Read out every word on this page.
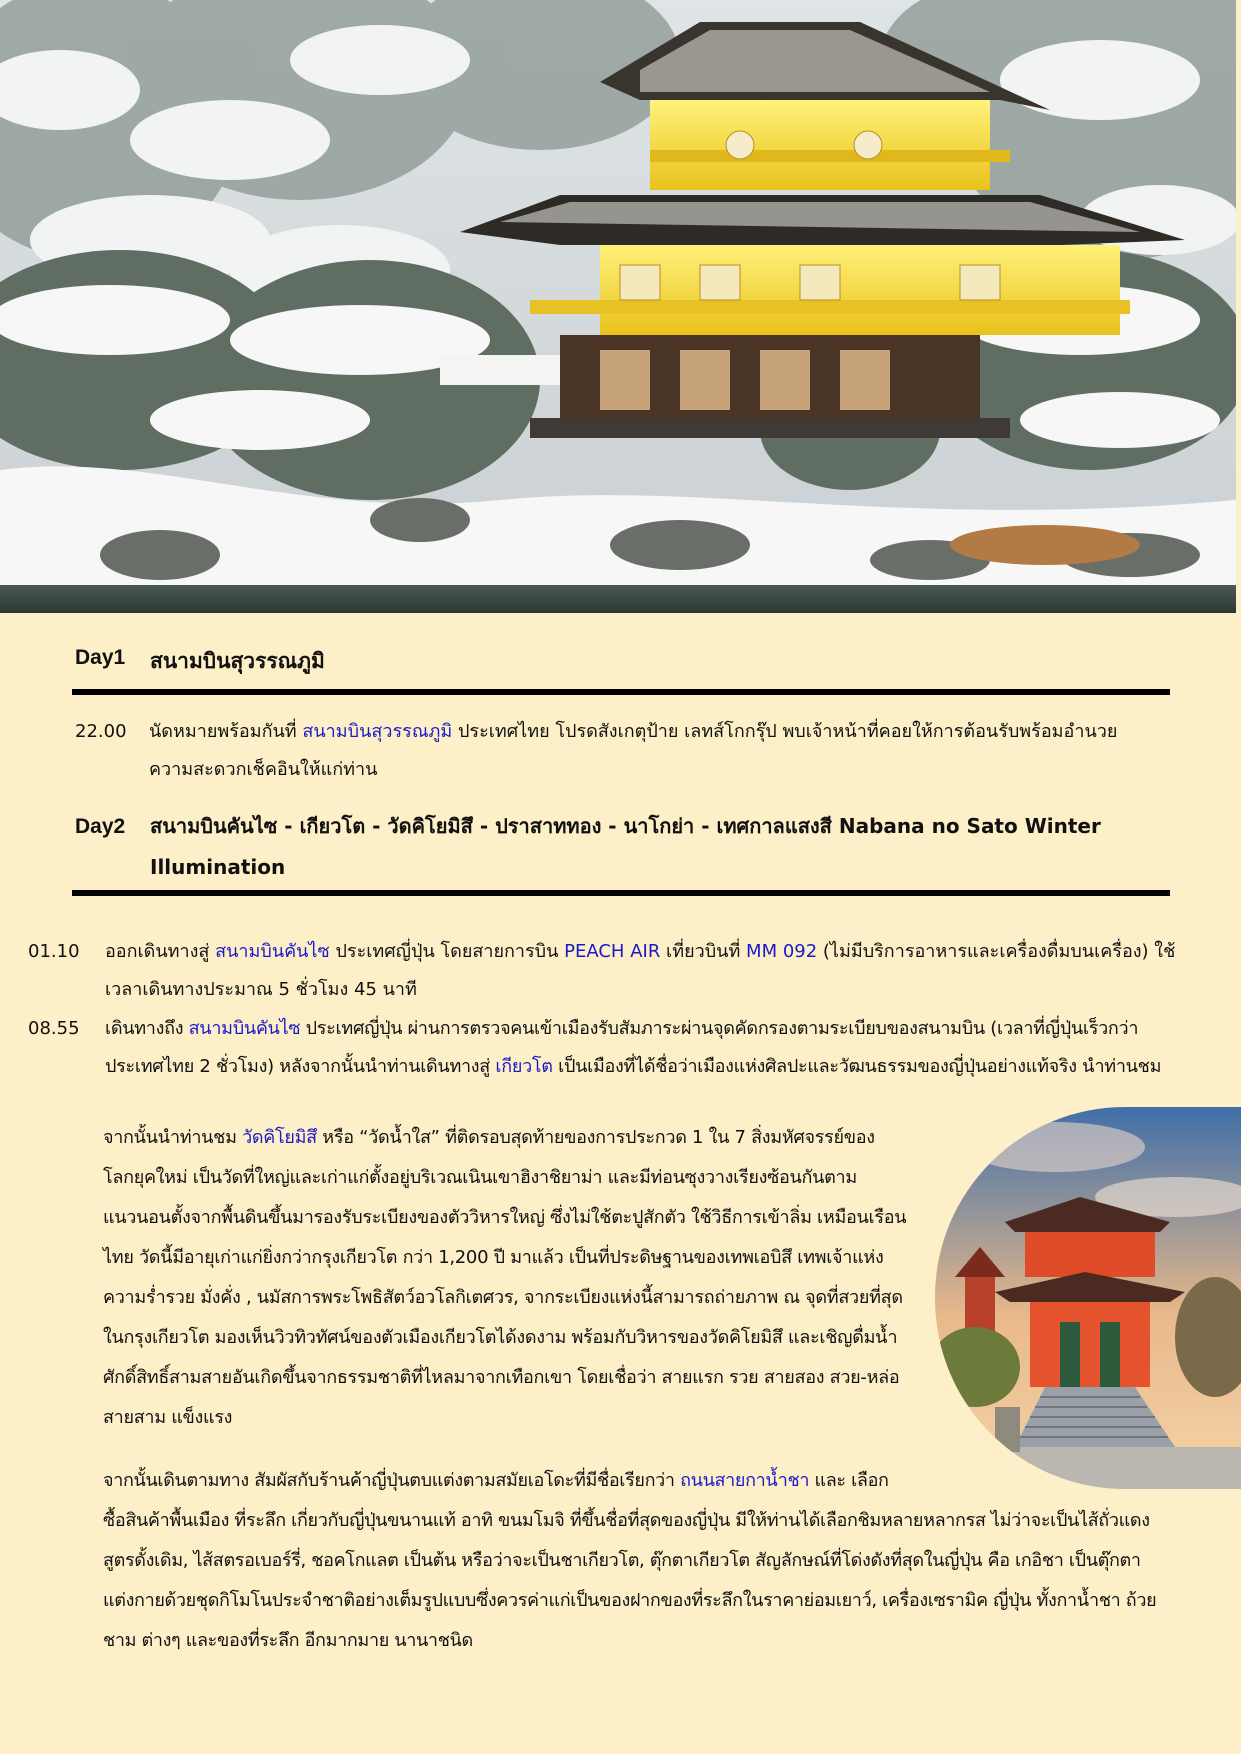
Day1	สนามบินสุวรรณภูมิ
22.00	นัดหมายพร้อมกันที่ สนามบินสุวรรณภูมิ ประเทศไทย โปรดสังเกตุป้าย เลทส์โกกรุ๊ป พบเจ้าหน้าที่คอยให้การต้อนรับพร้อมอำนวย
ความสะดวกเช็คอินให้แก่ท่าน
Day2	สนามบินคันไซ - เกียวโต - วัดคิโยมิสึ - ปราสาททอง - นาโกย่า - เทศกาลแสงสี Nabana no Sato Winter
Illumination
01.10	ออกเดินทางสู่ สนามบินคันไซ ประเทศญี่ปุ่น โดยสายการบิน PEACH AIR เที่ยวบินที่ MM 092 (ไม่มีบริการอาหารและเครื่องดื่มบนเครื่อง) ใช้
เวลาเดินทางประมาณ 5 ชั่วโมง 45 นาที
08.55	เดินทางถึง สนามบินคันไซ ประเทศญี่ปุ่น ผ่านการตรวจคนเข้าเมืองรับสัมภาระผ่านจุดคัดกรองตามระเบียบของสนามบิน (เวลาที่ญี่ปุ่นเร็วกว่า
ประเทศไทย 2 ชั่วโมง) หลังจากนั้นนำท่านเดินทางสู่ เกียวโต เป็นเมืองที่ได้ชื่อว่าเมืองแห่งศิลปะและวัฒนธรรมของญี่ปุ่นอย่างแท้จริง นำท่านชม
จากนั้นนำท่านชม วัดคิโยมิสึ หรือ “วัดน้ำใส” ที่ติดรอบสุดท้ายของการประกวด 1 ใน 7 สิ่งมหัศจรรย์ของ
โลกยุคใหม่ เป็นวัดที่ใหญ่และเก่าแก่ตั้งอยู่บริเวณเนินเขาฮิงาชิยาม่า และมีท่อนซุงวางเรียงซ้อนกันตาม
แนวนอนตั้งจากพื้นดินขึ้นมารองรับระเบียงของตัววิหารใหญ่ ซึ่งไม่ใช้ตะปูสักตัว ใช้วิธีการเข้าลิ่ม เหมือนเรือน
ไทย วัดนี้มีอายุเก่าแก่ยิ่งกว่ากรุงเกียวโต กว่า 1,200 ปี มาแล้ว เป็นที่ประดิษฐานของเทพเอบิสึ เทพเจ้าแห่ง
ความร่ำรวย มั่งคั่ง , นมัสการพระโพธิสัตว์อวโลกิเตศวร, จากระเบียงแห่งนี้สามารถถ่ายภาพ ณ จุดที่สวยที่สุด
ในกรุงเกียวโต มองเห็นวิวทิวทัศน์ของตัวเมืองเกียวโตได้งดงาม พร้อมกับวิหารของวัดคิโยมิสึ และเชิญดื่มน้ำ
ศักดิ์สิทธิ์สามสายอันเกิดขึ้นจากธรรมชาติที่ไหลมาจากเทือกเขา โดยเชื่อว่า สายแรก รวย สายสอง สวย-หล่อ
สายสาม แข็งแรง
จากนั้นเดินตามทาง สัมผัสกับร้านค้าญี่ปุ่นตบแต่งตามสมัยเอโดะที่มีชื่อเรียกว่า ถนนสายกาน้ำชา และ เลือก
ซื้อสินค้าพื้นเมือง ที่ระลึก เกี่ยวกับญี่ปุ่นขนานแท้ อาทิ ขนมโมจิ ที่ขึ้นชื่อที่สุดของญี่ปุ่น มีให้ท่านได้เลือกชิมหลายหลากรส ไม่ว่าจะเป็นไส้ถั่วแดง
สูตรดั้งเดิม, ไส้สตรอเบอร์รี่, ชอคโกแลต เป็นต้น หรือว่าจะเป็นชาเกียวโต, ตุ๊กตาเกียวโต สัญลักษณ์ที่โด่งดังที่สุดในญี่ปุ่น คือ เกอิชา เป็นตุ๊กตา
แต่งกายด้วยชุดกิโมโนประจำชาติอย่างเต็มรูปแบบซึ่งควรค่าแก่เป็นของฝากของที่ระลึกในราคาย่อมเยาว์, เครื่องเซรามิค ญี่ปุ่น ทั้งกาน้ำชา ถ้วย
ชาม ต่างๆ และของที่ระลึก อีกมากมาย นานาชนิด
